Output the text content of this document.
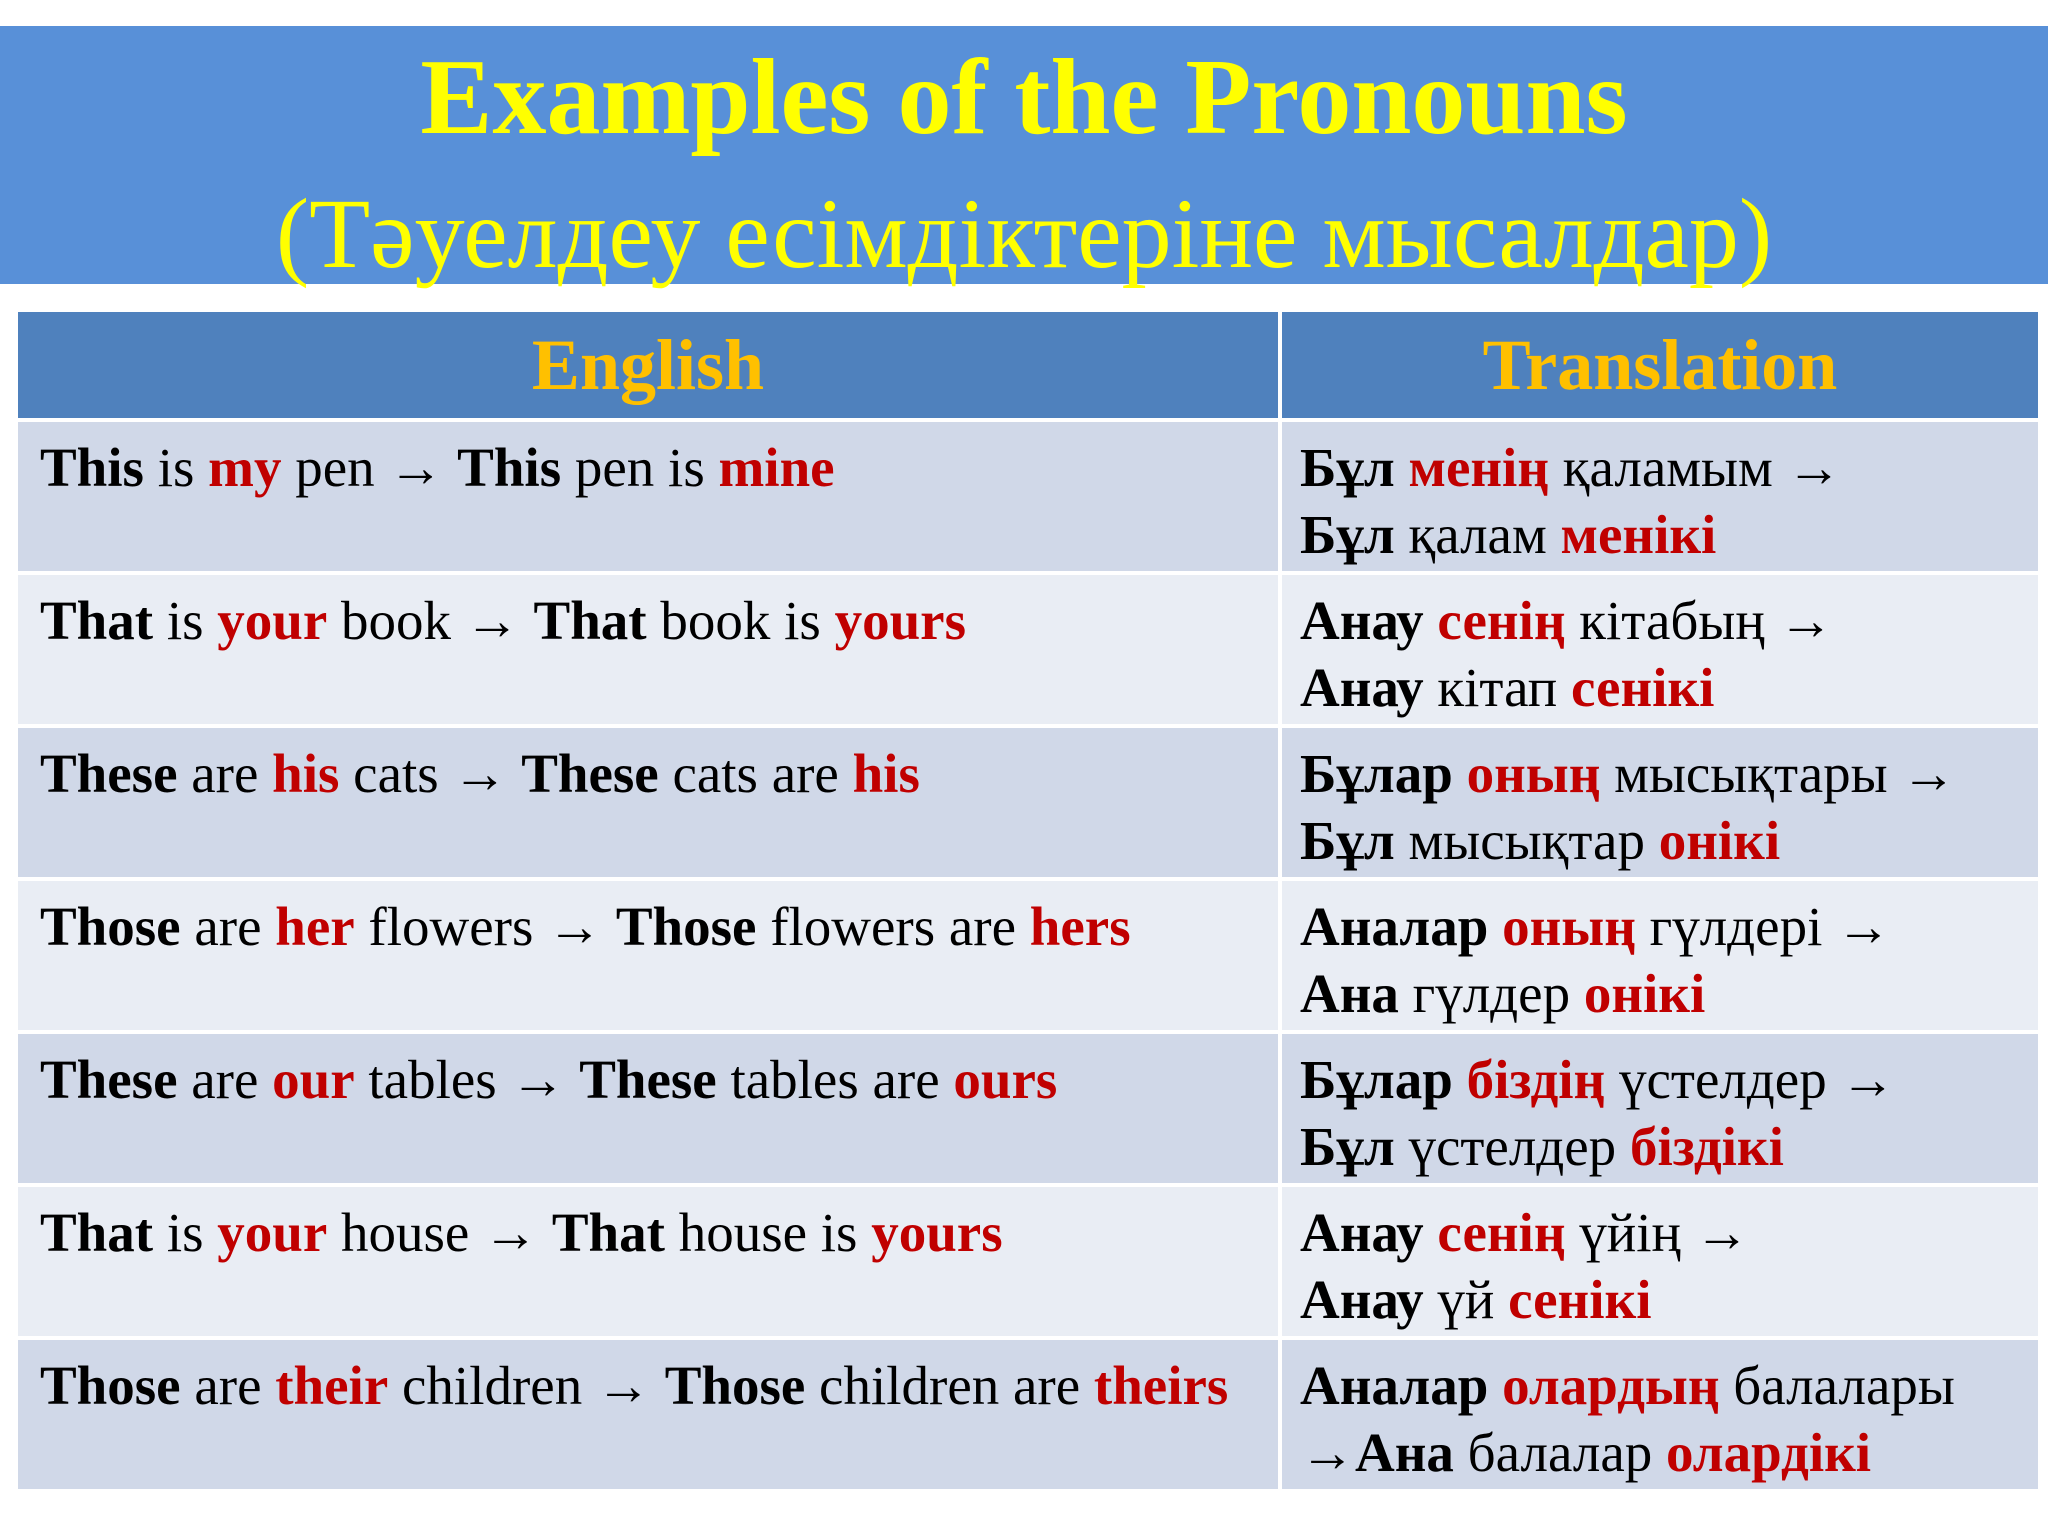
Examples of the Pronouns
(Тәуелдеу есімдіктеріне мысалдар)
English	Translation

This is my pen → This pen is mine	Бұл менің қаламым →
Бұл қалам менікі

That is your book → That book is yours	Анау сенің кітабың →
Анау кітап сенікі

These are his cats → These cats are his	Бұлар оның мысықтары →
Бұл мысықтар онікі

Those are her flowers → Those flowers are hers	Аналар оның гүлдері →
Ана гүлдер онікі

These are our tables → These tables are ours	Бұлар біздің үстелдер →
Бұл үстелдер біздікі

That is your house → That house is yours	Анау сенің үйің →
Анау үй сенікі

Those are their children → Those children are theirs	Аналар олардың балалары
→Ана балалар олардікі
